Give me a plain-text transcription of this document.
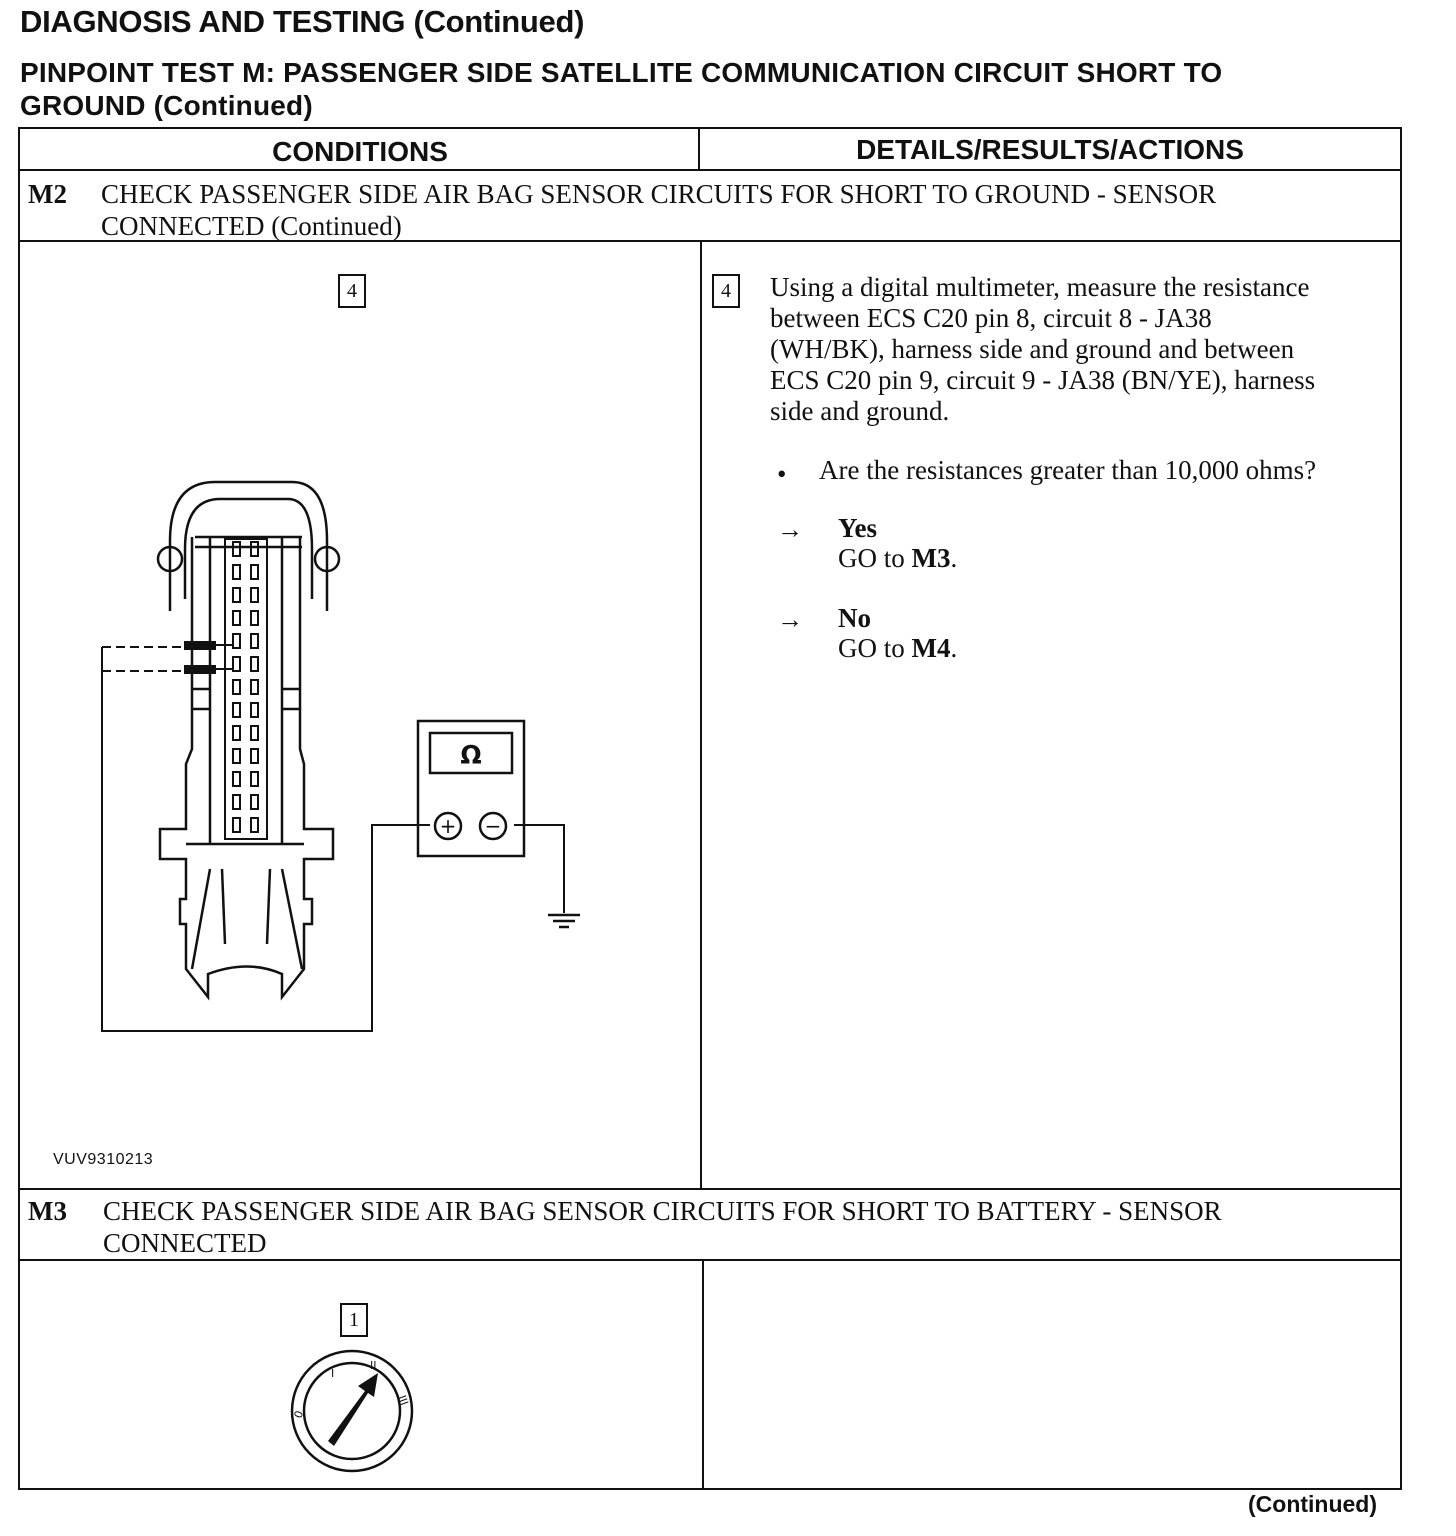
DIAGNOSIS AND TESTING (Continued)
PINPOINT TEST M: PASSENGER SIDE SATELLITE COMMUNICATION CIRCUIT SHORT TO
GROUND (Continued)
CONDITIONS	DETAILS/RESULTS/ACTIONS
M2 CHECK PASSENGER SIDE AIR BAG SENSOR CIRCUITS FOR SHORT TO GROUND - SENSOR
CONNECTED (Continued)
4	4	Using a digital multimeter, measure the resistance
between ECS C20 pin 8, circuit 8 - JA38
(WH/BK), harness side and ground and between
ECS C20 pin 9, circuit 9 - JA38 (BN/YE), harness
side and ground.
• Are the resistances greater than 10,000 ohms?
→ Yes
GO to M3.
→ No
GO to M4.
Ω
+ −
VUV9310213
M3 CHECK PASSENGER SIDE AIR BAG SENSOR CIRCUITS FOR SHORT TO BATTERY - SENSOR
CONNECTED
1
0
I
II
III
(Continued)
